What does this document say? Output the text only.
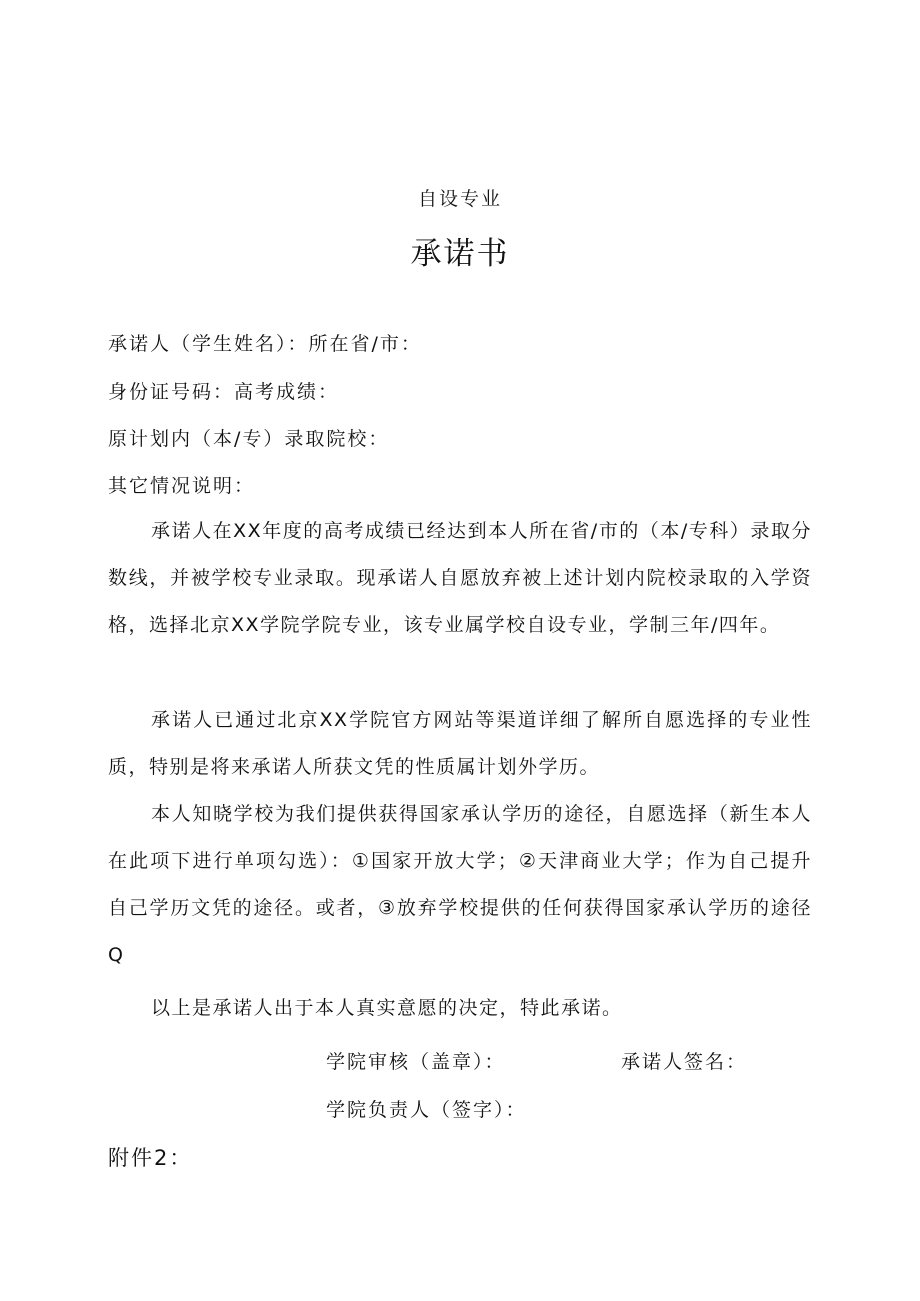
自设专业
承诺书
承诺人（学生姓名）：所在省/市：
身份证号码：高考成绩：
原计划内（本/专）录取院校：
其它情况说明：
承诺人在XX年度的高考成绩已经达到本人所在省/市的（本/专科）录取分数线，并被学校专业录取。现承诺人自愿放弃被上述计划内院校录取的入学资格，选择北京XX学院学院专业，该专业属学校自设专业，学制三年/四年。
承诺人已通过北京XX学院官方网站等渠道详细了解所自愿选择的专业性质，特别是将来承诺人所获文凭的性质属计划外学历。
本人知晓学校为我们提供获得国家承认学历的途径，自愿选择（新生本人在此项下进行单项勾选）：①国家开放大学；②天津商业大学；作为自己提升自己学历文凭的途径。或者，③放弃学校提供的任何获得国家承认学历的途径Q
以上是承诺人出于本人真实意愿的决定，特此承诺。
学院审核（盖章）：	承诺人签名：
学院负责人（签字）：
附件2：
